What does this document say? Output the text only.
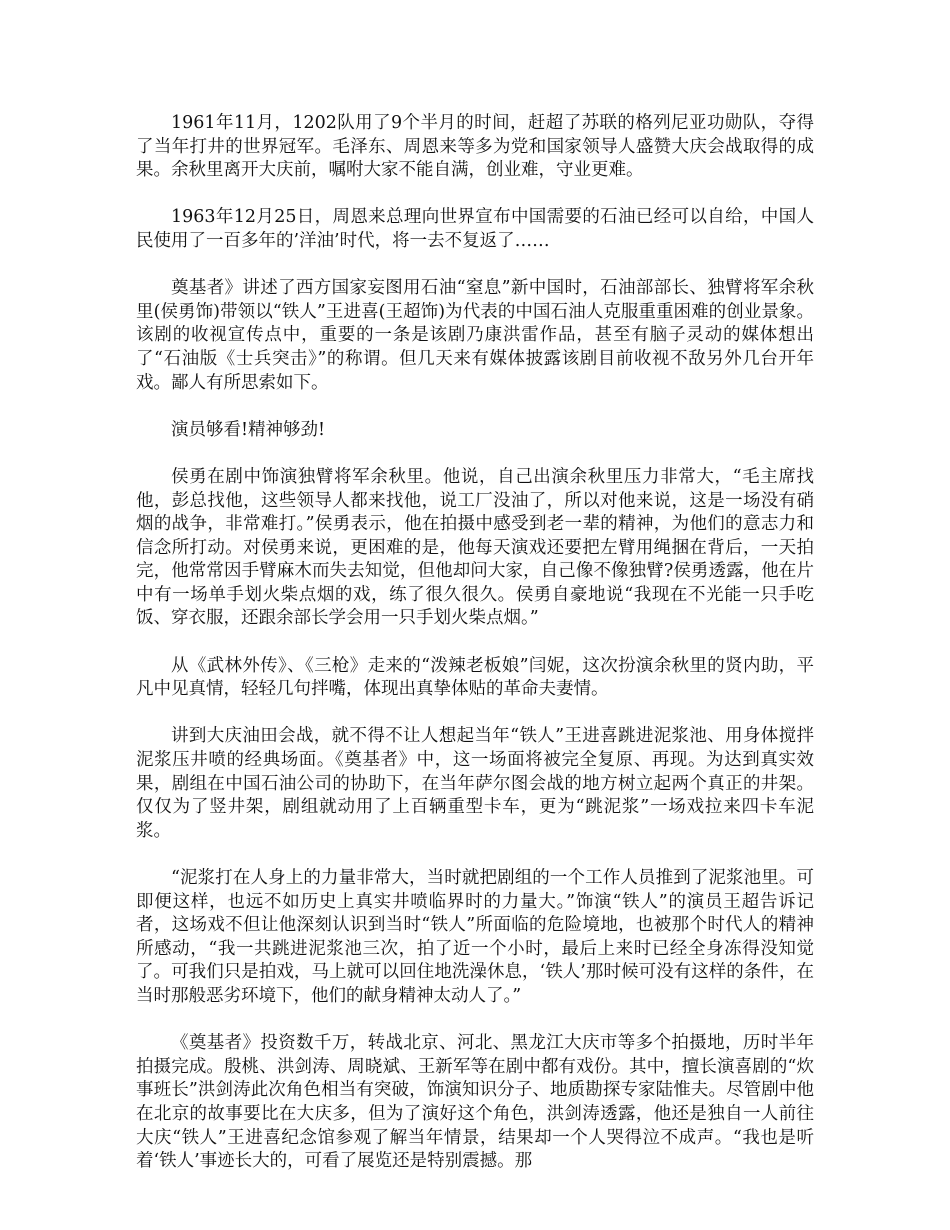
1961年11月，1202队用了9个半月的时间，赶超了苏联的格列尼亚功勋队，夺得了当年打井的世界冠军。毛泽东、周恩来等多为党和国家领导人盛赞大庆会战取得的成果。余秋里离开大庆前，嘱咐大家不能自满，创业难，守业更难。

1963年12月25日，周恩来总理向世界宣布中国需要的石油已经可以自给，中国人民使用了一百多年的’洋油’时代，将一去不复返了……

奠基者》讲述了西方国家妄图用石油“窒息”新中国时，石油部部长、独臂将军余秋里(侯勇饰)带领以“铁人”王进喜(王超饰)为代表的中国石油人克服重重困难的创业景象。该剧的收视宣传点中，重要的一条是该剧乃康洪雷作品，甚至有脑子灵动的媒体想出了“石油版《士兵突击》”的称谓。但几天来有媒体披露该剧目前收视不敌另外几台开年戏。鄙人有所思索如下。

演员够看!精神够劲!

侯勇在剧中饰演独臂将军余秋里。他说，自己出演余秋里压力非常大，“毛主席找他，彭总找他，这些领导人都来找他，说工厂没油了，所以对他来说，这是一场没有硝烟的战争，非常难打。”侯勇表示，他在拍摄中感受到老一辈的精神，为他们的意志力和信念所打动。对侯勇来说，更困难的是，他每天演戏还要把左臂用绳捆在背后，一天拍完，他常常因手臂麻木而失去知觉，但他却问大家，自己像不像独臂?侯勇透露，他在片中有一场单手划火柴点烟的戏，练了很久很久。侯勇自豪地说“我现在不光能一只手吃饭、穿衣服，还跟余部长学会用一只手划火柴点烟。”

从《武林外传》、《三枪》走来的“泼辣老板娘”闫妮，这次扮演余秋里的贤内助，平凡中见真情，轻轻几句拌嘴，体现出真挚体贴的革命夫妻情。

讲到大庆油田会战，就不得不让人想起当年“铁人”王进喜跳进泥浆池、用身体搅拌泥浆压井喷的经典场面。《奠基者》中，这一场面将被完全复原、再现。为达到真实效果，剧组在中国石油公司的协助下，在当年萨尔图会战的地方树立起两个真正的井架。仅仅为了竖井架，剧组就动用了上百辆重型卡车，更为“跳泥浆”一场戏拉来四卡车泥浆。

“泥浆打在人身上的力量非常大，当时就把剧组的一个工作人员推到了泥浆池里。可即便这样，也远不如历史上真实井喷临界时的力量大。”饰演“铁人”的演员王超告诉记者，这场戏不但让他深刻认识到当时“铁人”所面临的危险境地，也被那个时代人的精神所感动，“我一共跳进泥浆池三次，拍了近一个小时，最后上来时已经全身冻得没知觉了。可我们只是拍戏，马上就可以回住地洗澡休息，‘铁人’那时候可没有这样的条件，在当时那般恶劣环境下，他们的献身精神太动人了。”

《奠基者》投资数千万，转战北京、河北、黑龙江大庆市等多个拍摄地，历时半年拍摄完成。殷桃、洪剑涛、周晓斌、王新军等在剧中都有戏份。其中，擅长演喜剧的“炊事班长”洪剑涛此次角色相当有突破，饰演知识分子、地质勘探专家陆惟夫。尽管剧中他在北京的故事要比在大庆多，但为了演好这个角色，洪剑涛透露，他还是独自一人前往大庆“铁人”王进喜纪念馆参观了解当年情景，结果却一个人哭得泣不成声。“我也是听着‘铁人’事迹长大的，可看了展览还是特别震撼。那
